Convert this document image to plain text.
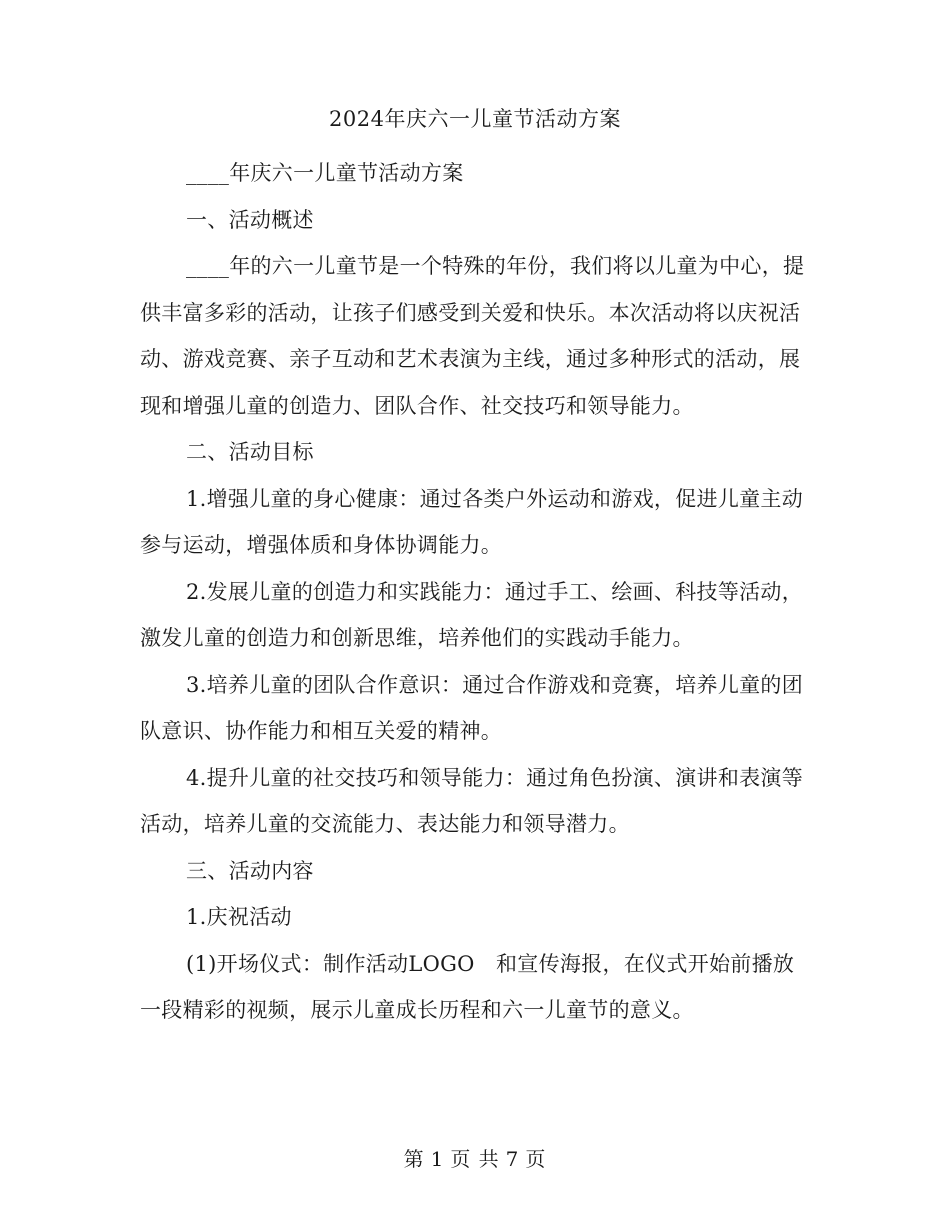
2024年庆六一儿童节活动方案

____年庆六一儿童节活动方案

一、活动概述

____年的六一儿童节是一个特殊的年份，我们将以儿童为中心，提供丰富多彩的活动，让孩子们感受到关爱和快乐。本次活动将以庆祝活动、游戏竞赛、亲子互动和艺术表演为主线，通过多种形式的活动，展现和增强儿童的创造力、团队合作、社交技巧和领导能力。

二、活动目标

1.增强儿童的身心健康：通过各类户外运动和游戏，促进儿童主动参与运动，增强体质和身体协调能力。

2.发展儿童的创造力和实践能力：通过手工、绘画、科技等活动，激发儿童的创造力和创新思维，培养他们的实践动手能力。

3.培养儿童的团队合作意识：通过合作游戏和竞赛，培养儿童的团队意识、协作能力和相互关爱的精神。

4.提升儿童的社交技巧和领导能力：通过角色扮演、演讲和表演等活动，培养儿童的交流能力、表达能力和领导潜力。

三、活动内容

1.庆祝活动

(1)开场仪式：制作活动LOGO　和宣传海报，在仪式开始前播放一段精彩的视频，展示儿童成长历程和六一儿童节的意义。

第 1 页 共 7 页
